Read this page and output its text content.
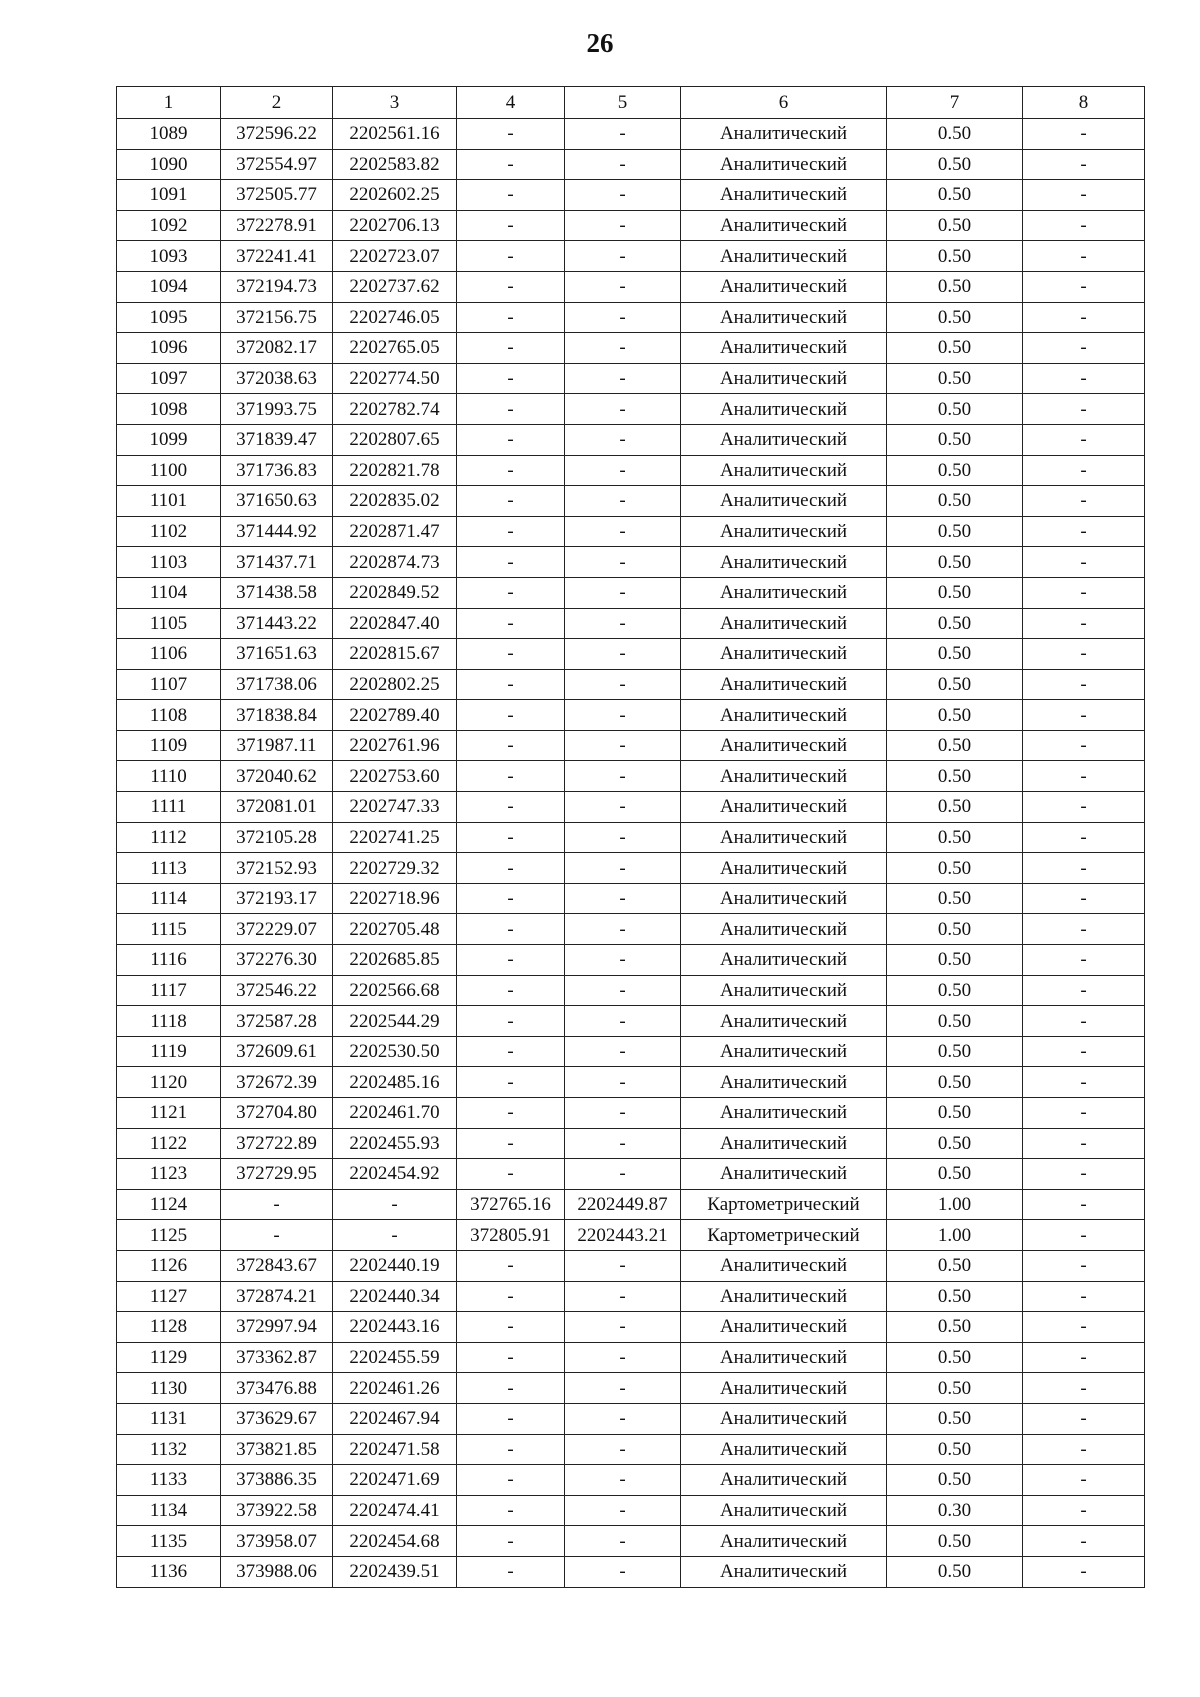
26
1	2	3	4	5	6	7	8
1089	372596.22	2202561.16	-	-	Аналитический	0.50	-
1090	372554.97	2202583.82	-	-	Аналитический	0.50	-
1091	372505.77	2202602.25	-	-	Аналитический	0.50	-
1092	372278.91	2202706.13	-	-	Аналитический	0.50	-
1093	372241.41	2202723.07	-	-	Аналитический	0.50	-
1094	372194.73	2202737.62	-	-	Аналитический	0.50	-
1095	372156.75	2202746.05	-	-	Аналитический	0.50	-
1096	372082.17	2202765.05	-	-	Аналитический	0.50	-
1097	372038.63	2202774.50	-	-	Аналитический	0.50	-
1098	371993.75	2202782.74	-	-	Аналитический	0.50	-
1099	371839.47	2202807.65	-	-	Аналитический	0.50	-
1100	371736.83	2202821.78	-	-	Аналитический	0.50	-
1101	371650.63	2202835.02	-	-	Аналитический	0.50	-
1102	371444.92	2202871.47	-	-	Аналитический	0.50	-
1103	371437.71	2202874.73	-	-	Аналитический	0.50	-
1104	371438.58	2202849.52	-	-	Аналитический	0.50	-
1105	371443.22	2202847.40	-	-	Аналитический	0.50	-
1106	371651.63	2202815.67	-	-	Аналитический	0.50	-
1107	371738.06	2202802.25	-	-	Аналитический	0.50	-
1108	371838.84	2202789.40	-	-	Аналитический	0.50	-
1109	371987.11	2202761.96	-	-	Аналитический	0.50	-
1110	372040.62	2202753.60	-	-	Аналитический	0.50	-
1111	372081.01	2202747.33	-	-	Аналитический	0.50	-
1112	372105.28	2202741.25	-	-	Аналитический	0.50	-
1113	372152.93	2202729.32	-	-	Аналитический	0.50	-
1114	372193.17	2202718.96	-	-	Аналитический	0.50	-
1115	372229.07	2202705.48	-	-	Аналитический	0.50	-
1116	372276.30	2202685.85	-	-	Аналитический	0.50	-
1117	372546.22	2202566.68	-	-	Аналитический	0.50	-
1118	372587.28	2202544.29	-	-	Аналитический	0.50	-
1119	372609.61	2202530.50	-	-	Аналитический	0.50	-
1120	372672.39	2202485.16	-	-	Аналитический	0.50	-
1121	372704.80	2202461.70	-	-	Аналитический	0.50	-
1122	372722.89	2202455.93	-	-	Аналитический	0.50	-
1123	372729.95	2202454.92	-	-	Аналитический	0.50	-
1124	-	-	372765.16	2202449.87	Картометрический	1.00	-
1125	-	-	372805.91	2202443.21	Картометрический	1.00	-
1126	372843.67	2202440.19	-	-	Аналитический	0.50	-
1127	372874.21	2202440.34	-	-	Аналитический	0.50	-
1128	372997.94	2202443.16	-	-	Аналитический	0.50	-
1129	373362.87	2202455.59	-	-	Аналитический	0.50	-
1130	373476.88	2202461.26	-	-	Аналитический	0.50	-
1131	373629.67	2202467.94	-	-	Аналитический	0.50	-
1132	373821.85	2202471.58	-	-	Аналитический	0.50	-
1133	373886.35	2202471.69	-	-	Аналитический	0.50	-
1134	373922.58	2202474.41	-	-	Аналитический	0.30	-
1135	373958.07	2202454.68	-	-	Аналитический	0.50	-
1136	373988.06	2202439.51	-	-	Аналитический	0.50	-
